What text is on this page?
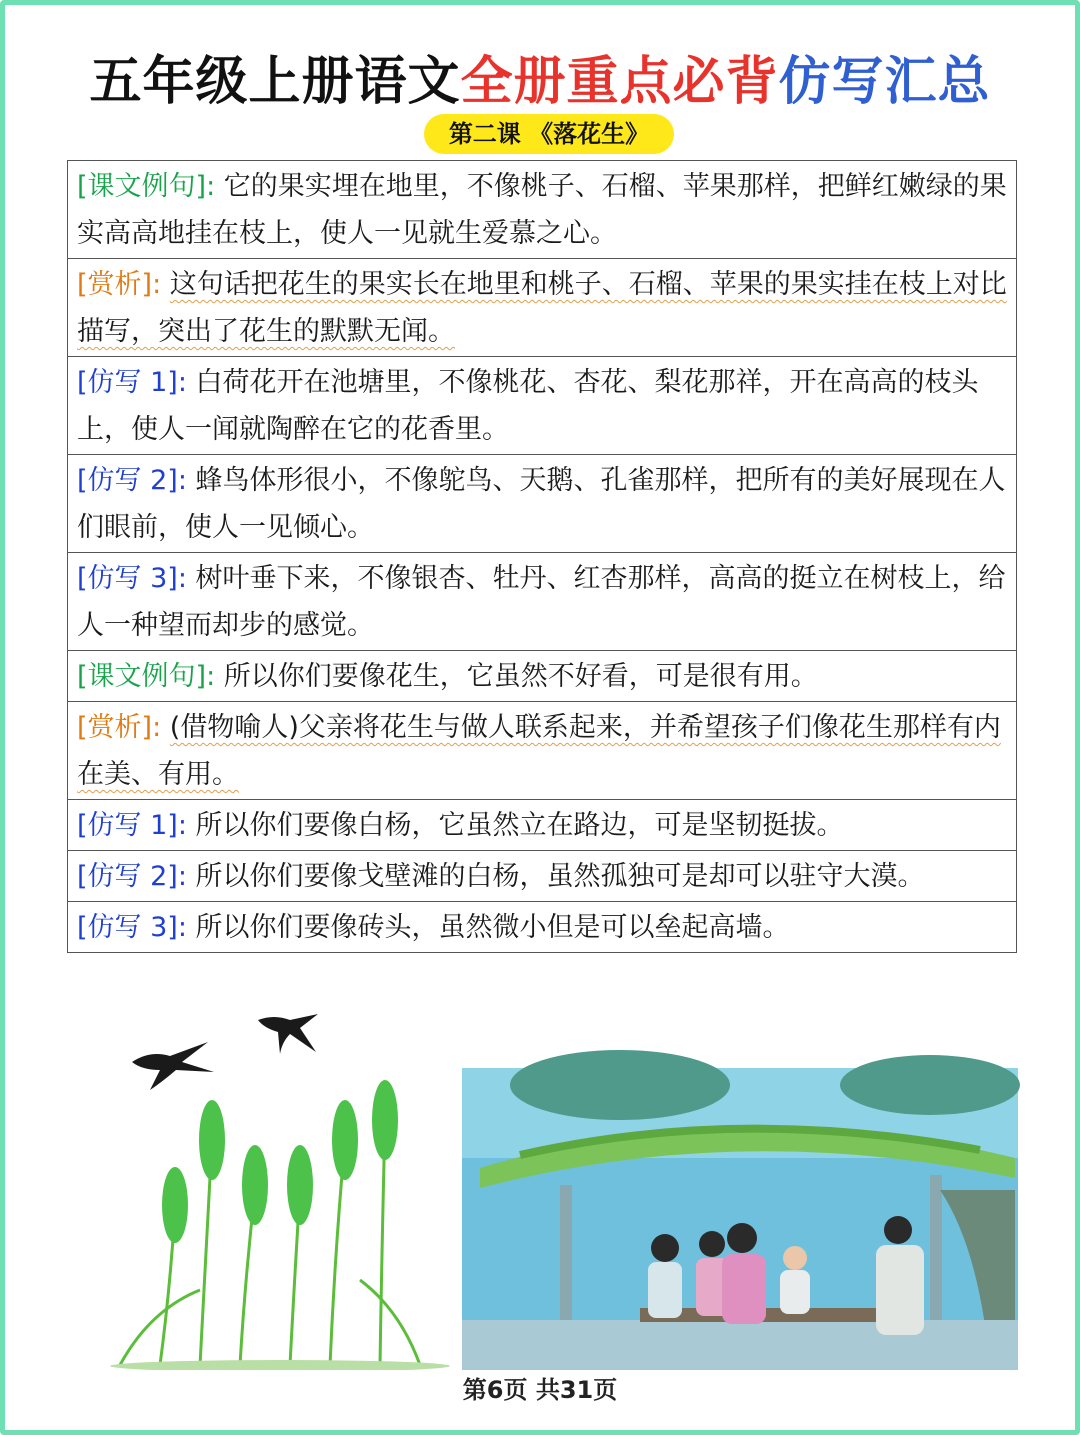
五年级上册语文全册重点必背仿写汇总
第二课 《落花生》
[课文例句]: 它的果实埋在地里，不像桃子、石榴、苹果那样，把鲜红嫩绿的果实高高地挂在枝上，使人一见就生爱慕之心。
[赏析]: 这句话把花生的果实长在地里和桃子、石榴、苹果的果实挂在枝上对比描写，突出了花生的默默无闻。
[仿写 1]: 白荷花开在池塘里，不像桃花、杏花、梨花那祥，开在高高的枝头上，使人一闻就陶醉在它的花香里。
[仿写 2]: 蜂鸟体形很小，不像鸵鸟、天鹅、孔雀那样，把所有的美好展现在人们眼前，使人一见倾心。
[仿写 3]: 树叶垂下来，不像银杏、牡丹、红杏那样，高高的挺立在树枝上，给人一种望而却步的感觉。
[课文例句]: 所以你们要像花生，它虽然不好看，可是很有用。
[赏析]: (借物喻人)父亲将花生与做人联系起来，并希望孩子们像花生那样有内在美、有用。
[仿写 1]: 所以你们要像白杨，它虽然立在路边，可是坚韧挺拔。
[仿写 2]: 所以你们要像戈壁滩的白杨，虽然孤独可是却可以驻守大漠。
[仿写 3]: 所以你们要像砖头，虽然微小但是可以垒起高墙。
第6页 共31页
